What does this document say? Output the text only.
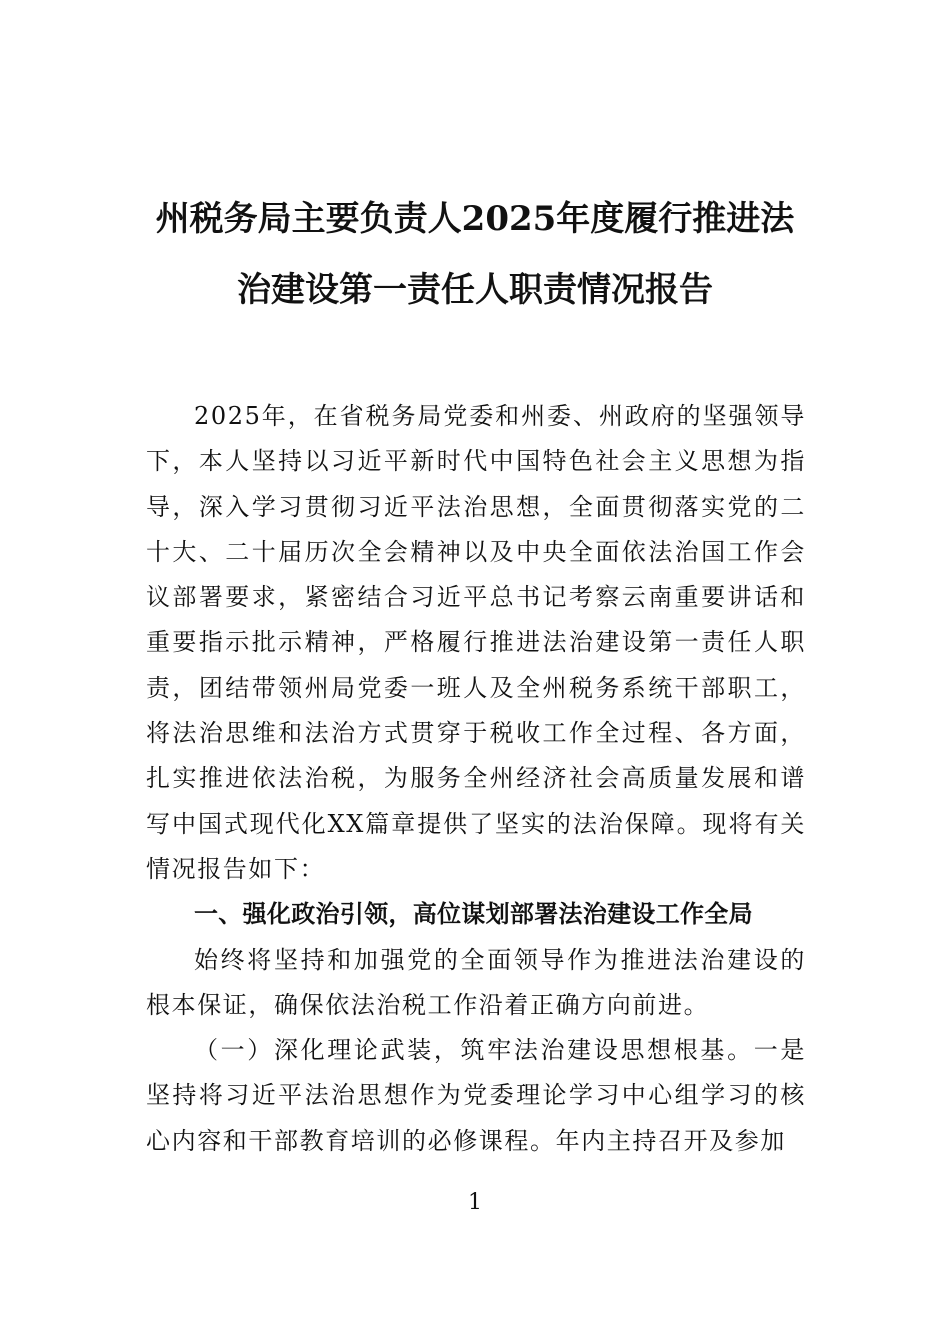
州税务局主要负责人2025年度履行推进法
治建设第一责任人职责情况报告

2025年，在省税务局党委和州委、州政府的坚强领导下，本人坚持以习近平新时代中国特色社会主义思想为指导，深入学习贯彻习近平法治思想，全面贯彻落实党的二十大、二十届历次全会精神以及中央全面依法治国工作会议部署要求，紧密结合习近平总书记考察云南重要讲话和重要指示批示精神，严格履行推进法治建设第一责任人职责，团结带领州局党委一班人及全州税务系统干部职工，将法治思维和法治方式贯穿于税收工作全过程、各方面，扎实推进依法治税，为服务全州经济社会高质量发展和谱写中国式现代化XX篇章提供了坚实的法治保障。现将有关情况报告如下：

一、强化政治引领，高位谋划部署法治建设工作全局

始终将坚持和加强党的全面领导作为推进法治建设的根本保证，确保依法治税工作沿着正确方向前进。

（一）深化理论武装，筑牢法治建设思想根基。一是坚持将习近平法治思想作为党委理论学习中心组学习的核心内容和干部教育培训的必修课程。年内主持召开及参加

1
